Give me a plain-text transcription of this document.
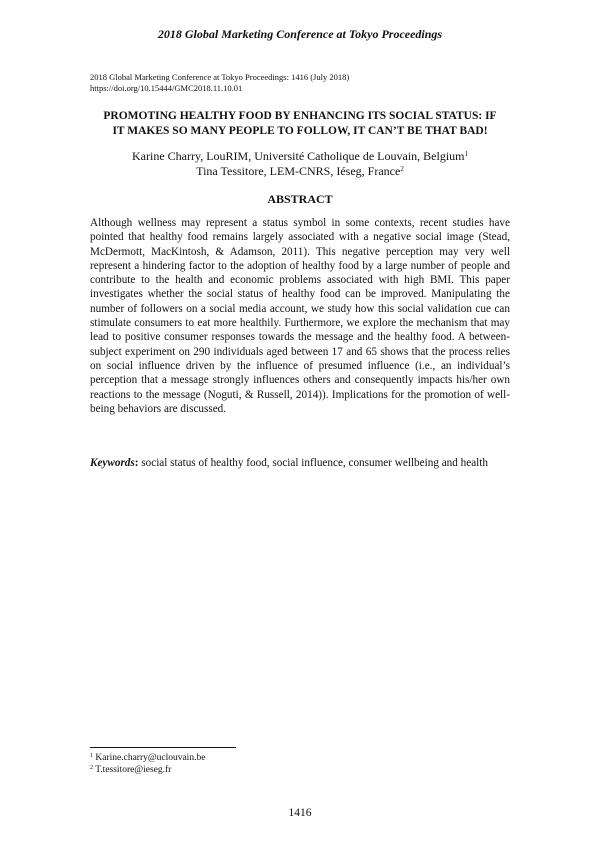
2018 Global Marketing Conference at Tokyo Proceedings
2018 Global Marketing Conference at Tokyo Proceedings: 1416 (July 2018)
https://doi.org/10.15444/GMC2018.11.10.01
PROMOTING HEALTHY FOOD BY ENHANCING ITS SOCIAL STATUS: IF
IT MAKES SO MANY PEOPLE TO FOLLOW, IT CAN’T BE THAT BAD!
Karine Charry, LouRIM, Université Catholique de Louvain, Belgium$^1$
Tina Tessitore, LEM-CNRS, Iéseg, France$^2$
ABSTRACT
Although wellness may represent a status symbol in some contexts, recent studies have pointed that healthy food remains largely associated with a negative social image (Stead, McDermott, MacKintosh, & Adamson, 2011). This negative perception may very well represent a hindering factor to the adoption of healthy food by a large number of people and contribute to the health and economic problems associated with high BMI. This paper investigates whether the social status of healthy food can be improved. Manipulating the number of followers on a social media account, we study how this social validation cue can stimulate consumers to eat more healthily. Furthermore, we explore the mechanism that may lead to positive consumer responses towards the message and the healthy food. A between-subject experiment on 290 individuals aged between 17 and 65 shows that the process relies on social influence driven by the influence of presumed influence (i.e., an individual’s perception that a message strongly influences others and consequently impacts his/her own reactions to the message (Noguti, & Russell, 2014)). Implications for the promotion of well-being behaviors are discussed.
Keywords: social status of healthy food, social influence, consumer wellbeing and health
$^1$ Karine.charry@uclouvain.be
$^2$ T.tessitore@ieseg.fr
1416
